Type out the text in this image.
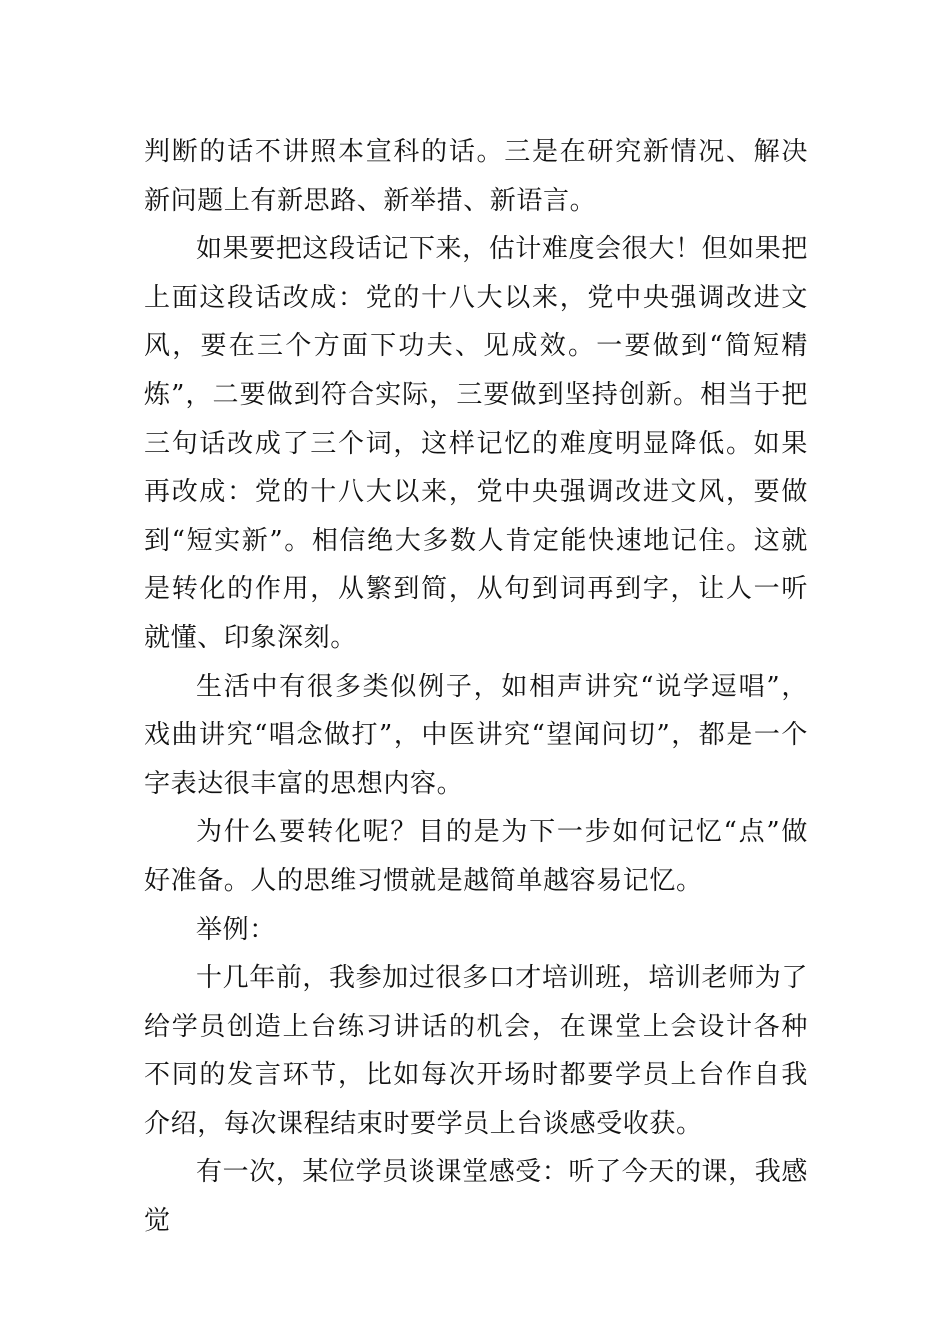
判断的话不讲照本宣科的话。三是在研究新情况、解决新问题上有新思路、新举措、新语言。

如果要把这段话记下来，估计难度会很大！但如果把上面这段话改成：党的十八大以来，党中央强调改进文风，要在三个方面下功夫、见成效。一要做到“简短精炼”，二要做到符合实际，三要做到坚持创新。相当于把三句话改成了三个词，这样记忆的难度明显降低。如果再改成：党的十八大以来，党中央强调改进文风，要做到“短实新”。相信绝大多数人肯定能快速地记住。这就是转化的作用，从繁到简，从句到词再到字，让人一听就懂、印象深刻。

生活中有很多类似例子，如相声讲究“说学逗唱”，戏曲讲究“唱念做打”，中医讲究“望闻问切”，都是一个字表达很丰富的思想内容。

为什么要转化呢？目的是为下一步如何记忆“点”做好准备。人的思维习惯就是越简单越容易记忆。

举例：

十几年前，我参加过很多口才培训班，培训老师为了给学员创造上台练习讲话的机会，在课堂上会设计各种不同的发言环节，比如每次开场时都要学员上台作自我介绍，每次课程结束时要学员上台谈感受收获。

有一次，某位学员谈课堂感受：听了今天的课，我感觉
